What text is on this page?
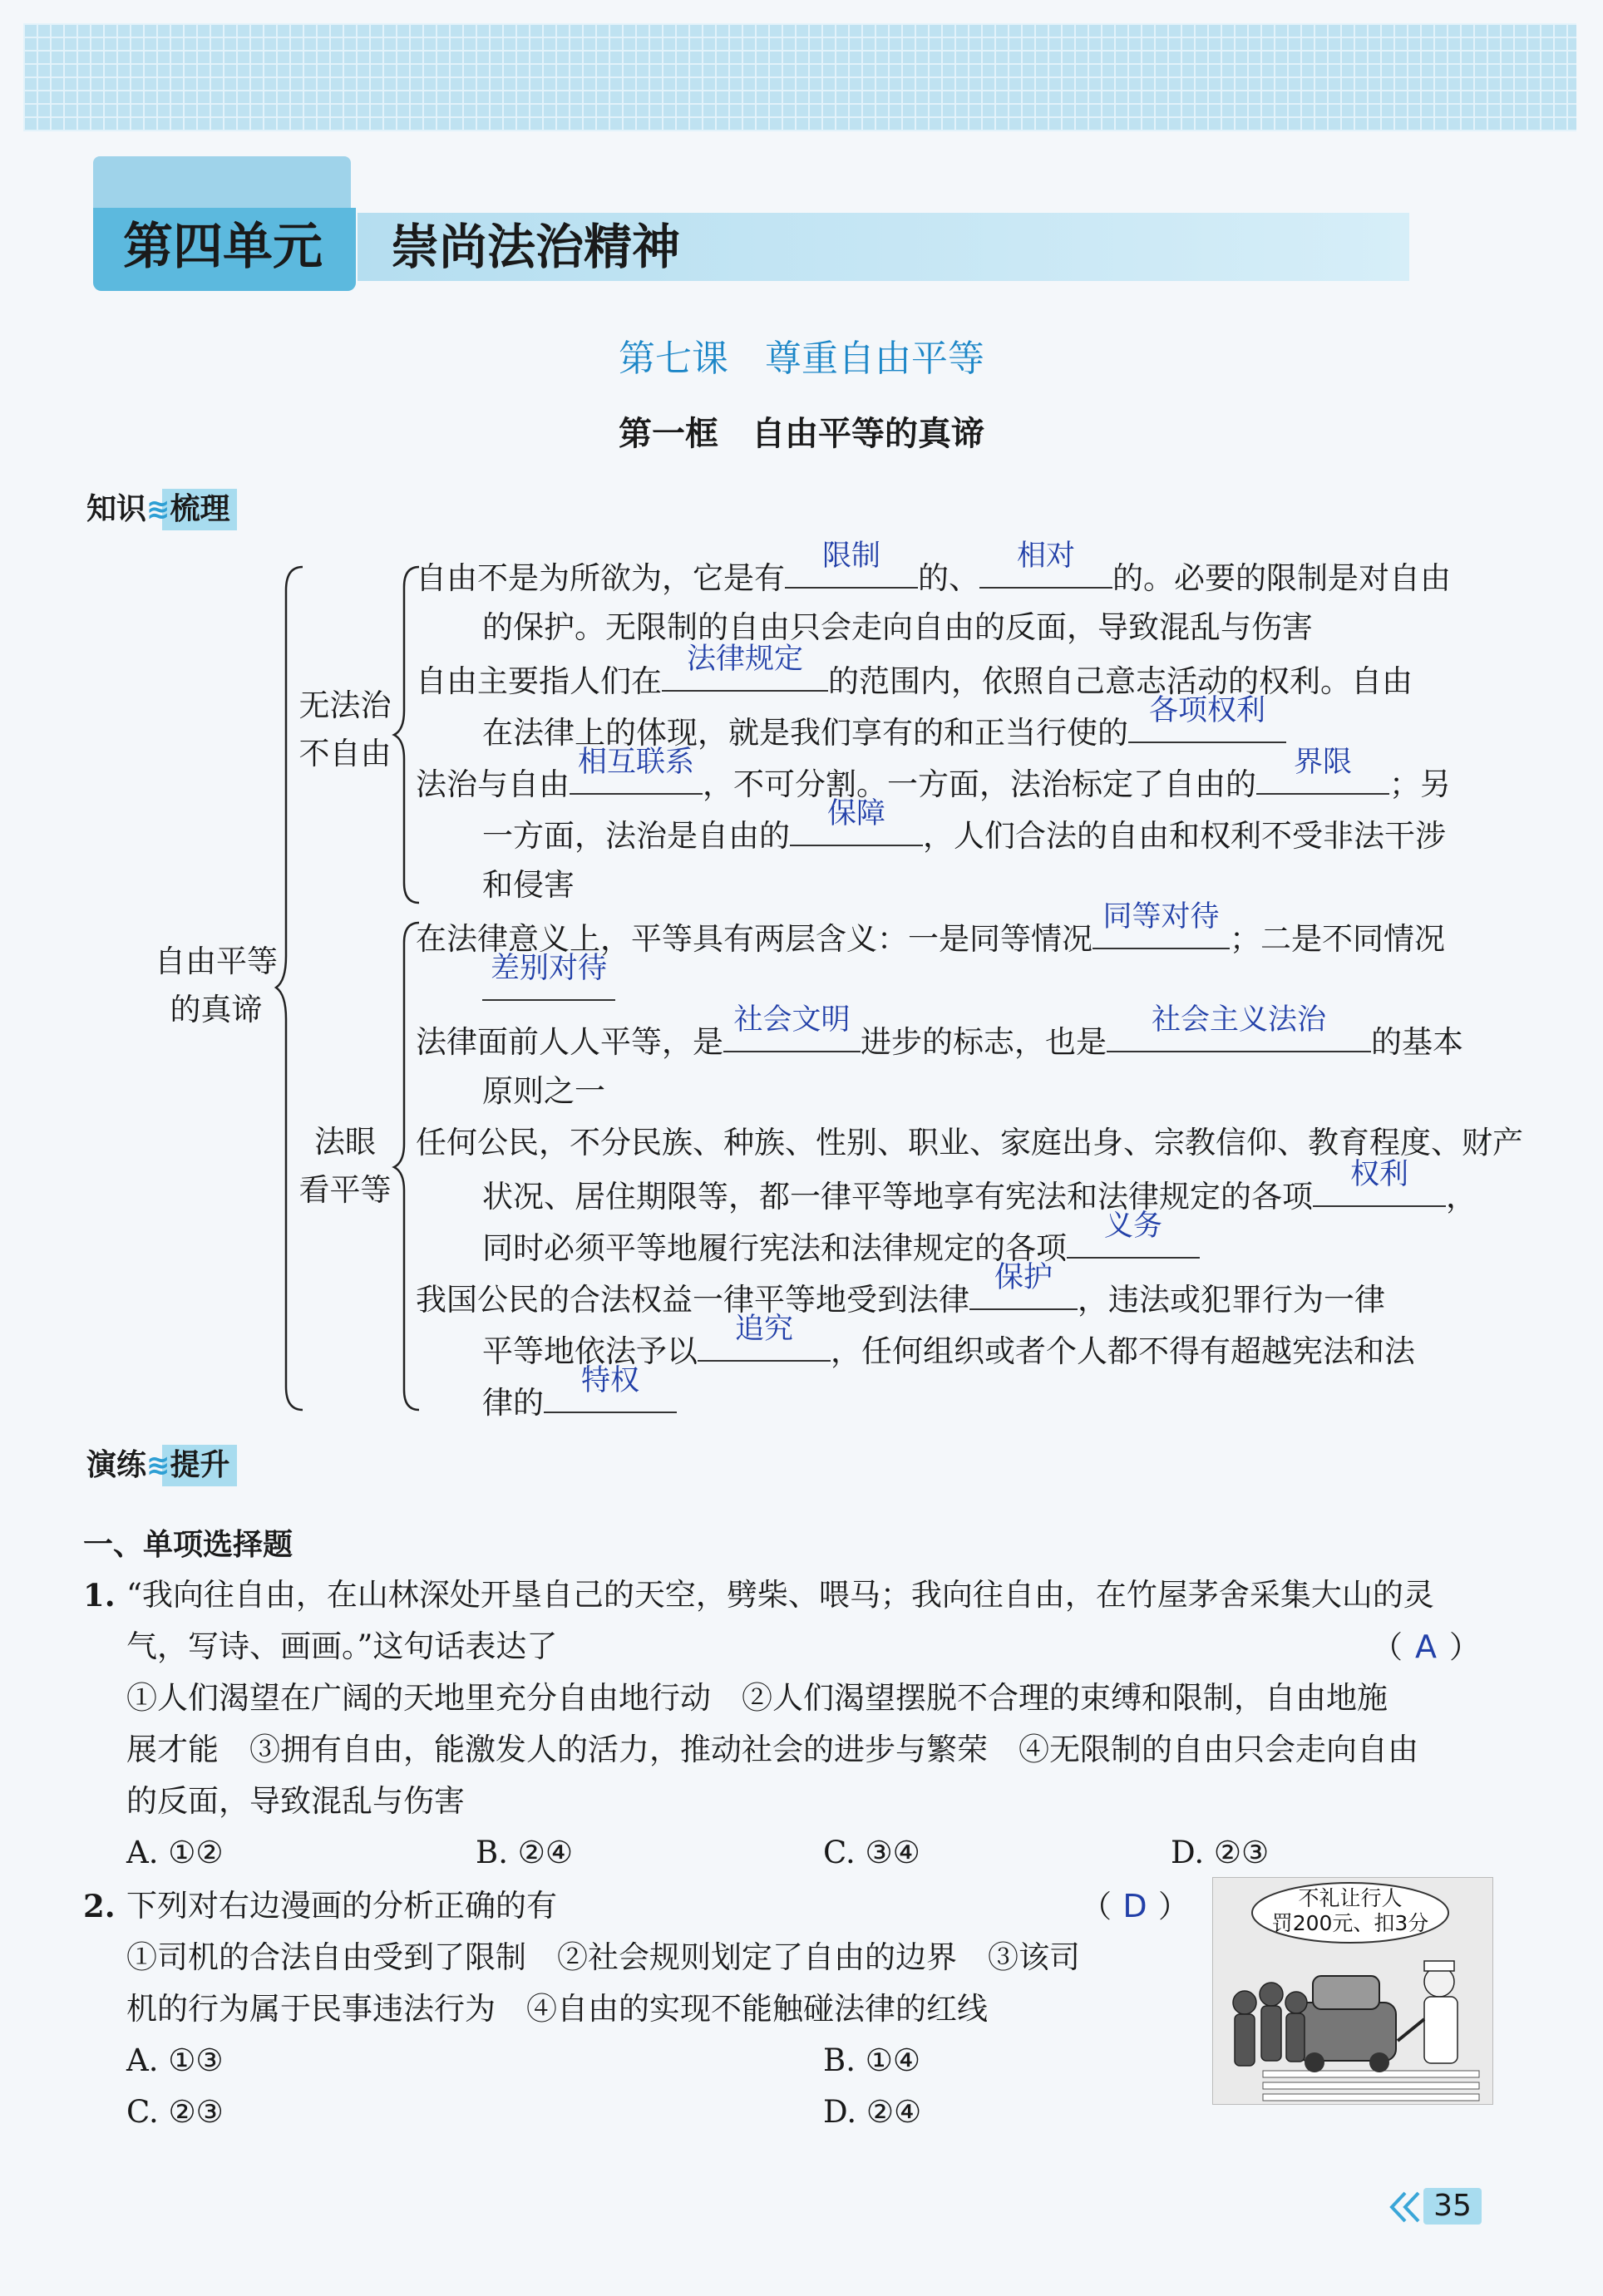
第四单元	崇尚法治精神
第七课　尊重自由平等
第一框　自由平等的真谛
知识≋梳理
自由平等
的真谛
无法治
不自由
法眼
看平等
自由不是为所欲为，它是有
限制
的、
相对
的。必要的限制是对自由
的保护。无限制的自由只会走向自由的反面，导致混乱与伤害
自由主要指人们在
法律规定
的范围内，依照自己意志活动的权利。自由
在法律上的体现，就是我们享有的和正当行使的
各项权利
法治与自由
相互联系
，不可分割。一方面，法治标定了自由的
界限
；另
一方面，法治是自由的
保障
，人们合法的自由和权利不受非法干涉
和侵害
在法律意义上，平等具有两层含义：一是同等情况
同等对待
；二是不同情况
差别对待
法律面前人人平等，是
社会文明
进步的标志，也是
社会主义法治
的基本
原则之一
任何公民，不分民族、种族、性别、职业、家庭出身、宗教信仰、教育程度、财产
状况、居住期限等，都一律平等地享有宪法和法律规定的各项
权利
，
同时必须平等地履行宪法和法律规定的各项
义务
我国公民的合法权益一律平等地受到法律
保护
，违法或犯罪行为一律
平等地依法予以
追究
，任何组织或者个人都不得有超越宪法和法
律的
特权
演练≋提升
一、单项选择题
1. “我向往自由，在山林深处开垦自己的天空，劈柴、喂马；我向往自由，在竹屋茅舍采集大山的灵
气，写诗、画画。”这句话表达了	（ A ）
①人们渴望在广阔的天地里充分自由地行动　②人们渴望摆脱不合理的束缚和限制，自由地施
展才能　③拥有自由，能激发人的活力，推动社会的进步与繁荣　④无限制的自由只会走向自由
的反面，导致混乱与伤害
A. ①②	B. ②④	C. ③④	D. ②③
2. 下列对右边漫画的分析正确的有	（ D ）
①司机的合法自由受到了限制　②社会规则划定了自由的边界　③该司
机的行为属于民事违法行为　④自由的实现不能触碰法律的红线
A. ①③	B. ①④
C. ②③	D. ②④
不礼让行人
罚200元、扣3分
35
